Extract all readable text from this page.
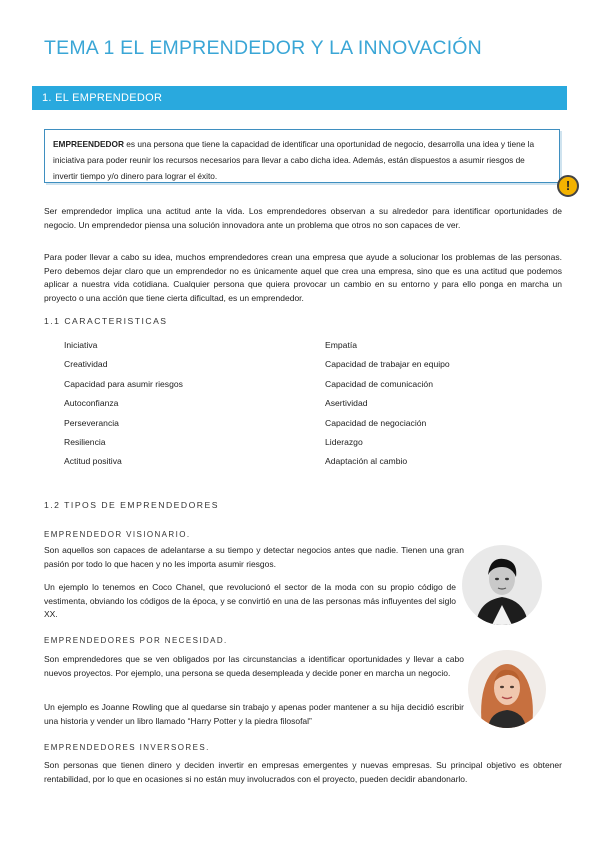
TEMA 1 EL EMPRENDEDOR Y LA INNOVACIÓN
1. EL EMPRENDEDOR
EMPREENDEDOR es una persona que tiene la capacidad de identificar una oportunidad de negocio, desarrolla una idea y tiene la iniciativa para poder reunir los recursos necesarios para llevar a cabo dicha idea. Además, están dispuestos a asumir riesgos de invertir tiempo y/o dinero para lograr el éxito.
!
Ser emprendedor implica una actitud ante la vida. Los emprendedores observan a su alrededor para identificar oportunidades de negocio. Un emprendedor piensa una solución innovadora ante un problema que otros no son capaces de ver.
Para poder llevar a cabo su idea, muchos emprendedores crean una empresa que ayude a solucionar los problemas de las personas. Pero debemos dejar claro que un emprendedor no es únicamente aquel que crea una empresa, sino que es una actitud que podemos aplicar a nuestra vida cotidiana. Cualquier persona que quiera provocar un cambio en su entorno y para ello ponga en marcha un proyecto o una acción que tiene cierta dificultad, es un emprendedor.
1.1 CARACTERISTICAS
Iniciativa
Creatividad
Capacidad para asumir riesgos
Autoconfianza
Perseverancia
Resiliencia
Actitud positiva
Empatía
Capacidad de trabajar en equipo
Capacidad de comunicación
Asertividad
Capacidad de negociación
Liderazgo
Adaptación al cambio
1.2 TIPOS DE EMPRENDEDORES
EMPRENDEDOR VISIONARIO.
Son aquellos son capaces de adelantarse a su tiempo y detectar negocios antes que nadie. Tienen una gran pasión por todo lo que hacen y no les importa asumir riesgos.
Un ejemplo lo tenemos en Coco Chanel, que revolucionó el sector de la moda con su propio código de vestimenta, obviando los códigos de la época, y se convirtió en una de las personas más influyentes del siglo XX.
EMPRENDEDORES POR NECESIDAD.
Son emprendedores que se ven obligados por las circunstancias a identificar oportunidades y llevar a cabo nuevos proyectos. Por ejemplo, una persona se queda desempleada y decide poner en marcha un negocio.
Un ejemplo es Joanne Rowling que al quedarse sin trabajo y apenas poder mantener a su hija decidió escribir una historia y vender un libro llamado “Harry Potter y la piedra filosofal”
EMPRENDEDORES INVERSORES.
Son personas que tienen dinero y deciden invertir en empresas emergentes y nuevas empresas. Su principal objetivo es obtener rentabilidad, por lo que en ocasiones si no están muy involucrados con el proyecto, pueden decidir abandonarlo.
